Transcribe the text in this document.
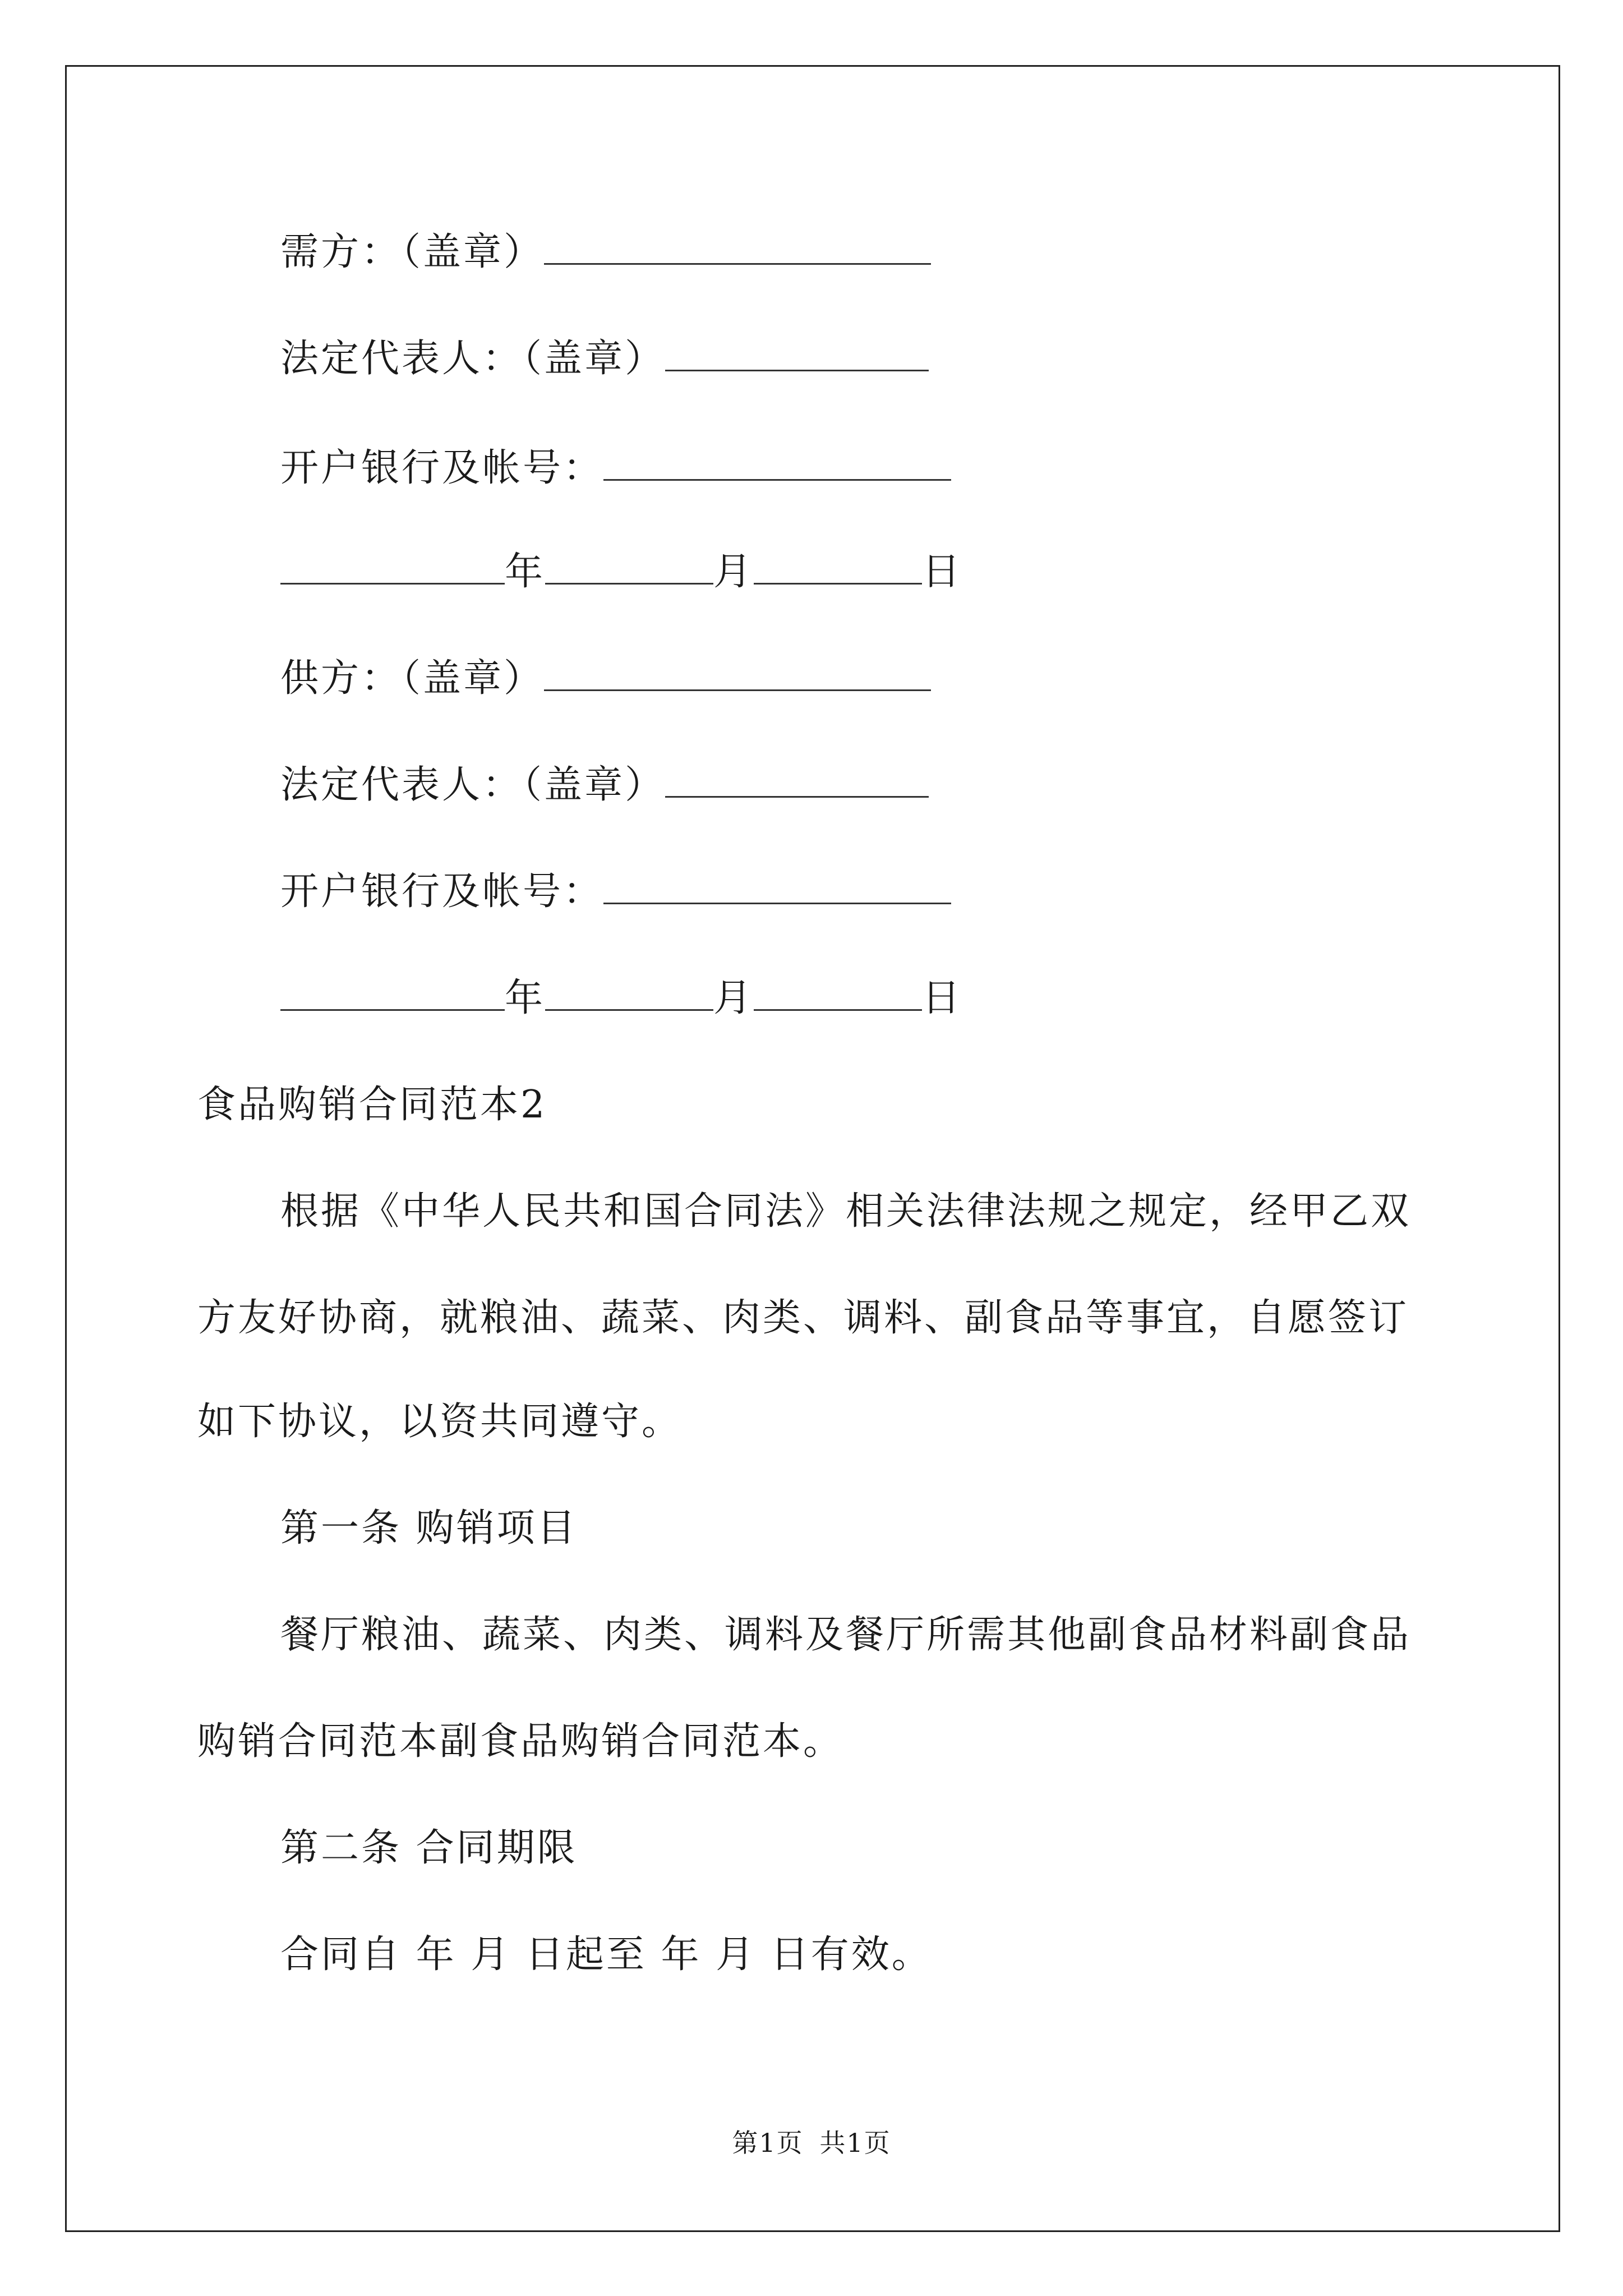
需方：（盖章）
法定代表人：（盖章）
开户银行及帐号：
年	月	日
供方：（盖章）
法定代表人：（盖章）
开户银行及帐号：
年	月	日
食品购销合同范本2
根据《中华人民共和国合同法》相关法律法规之规定，经甲乙双
方友好协商，就粮油、蔬菜、肉类、调料、副食品等事宜，自愿签订
如下协议，以资共同遵守。
第一条 购销项目
餐厅粮油、蔬菜、肉类、调料及餐厅所需其他副食品材料副食品
购销合同范本副食品购销合同范本。
第二条 合同期限
合同自 年 月 日起至 年 月 日有效。
第1页 共1页
